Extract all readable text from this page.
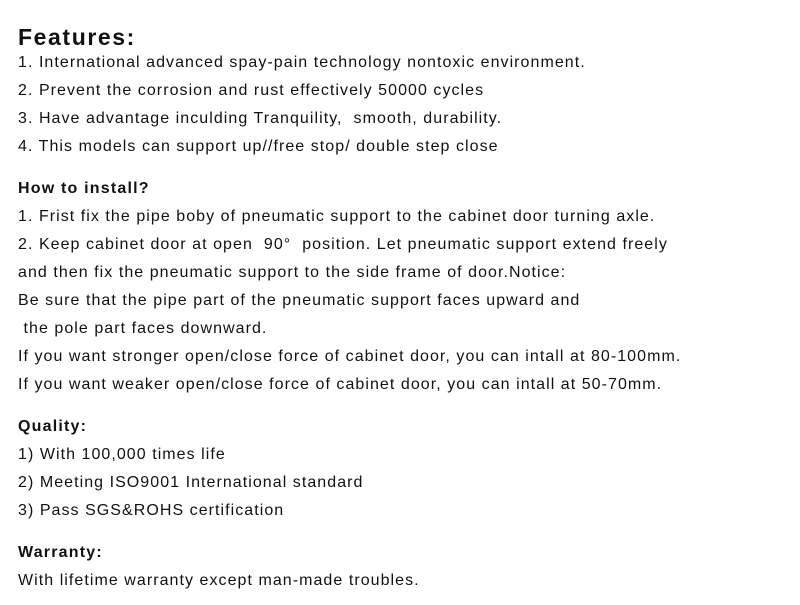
Features:
1. International advanced spay-pain technology nontoxic environment.
2. Prevent the corrosion and rust effectively 50000 cycles
3. Have advantage inculding Tranquility,  smooth, durability.
4. This models can support up//free stop/ double step close
How to install?
1. Frist fix the pipe boby of pneumatic support to the cabinet door turning axle.
2. Keep cabinet door at open  90°  position. Let pneumatic support extend freely
and then fix the pneumatic support to the side frame of door.Notice:
Be sure that the pipe part of the pneumatic support faces upward and
the pole part faces downward.
If you want stronger open/close force of cabinet door, you can intall at 80-100mm.
If you want weaker open/close force of cabinet door, you can intall at 50-70mm.
Quality:
1) With 100,000 times life
2) Meeting ISO9001 International standard
3) Pass SGS&ROHS certification
Warranty:
With lifetime warranty except man-made troubles.
